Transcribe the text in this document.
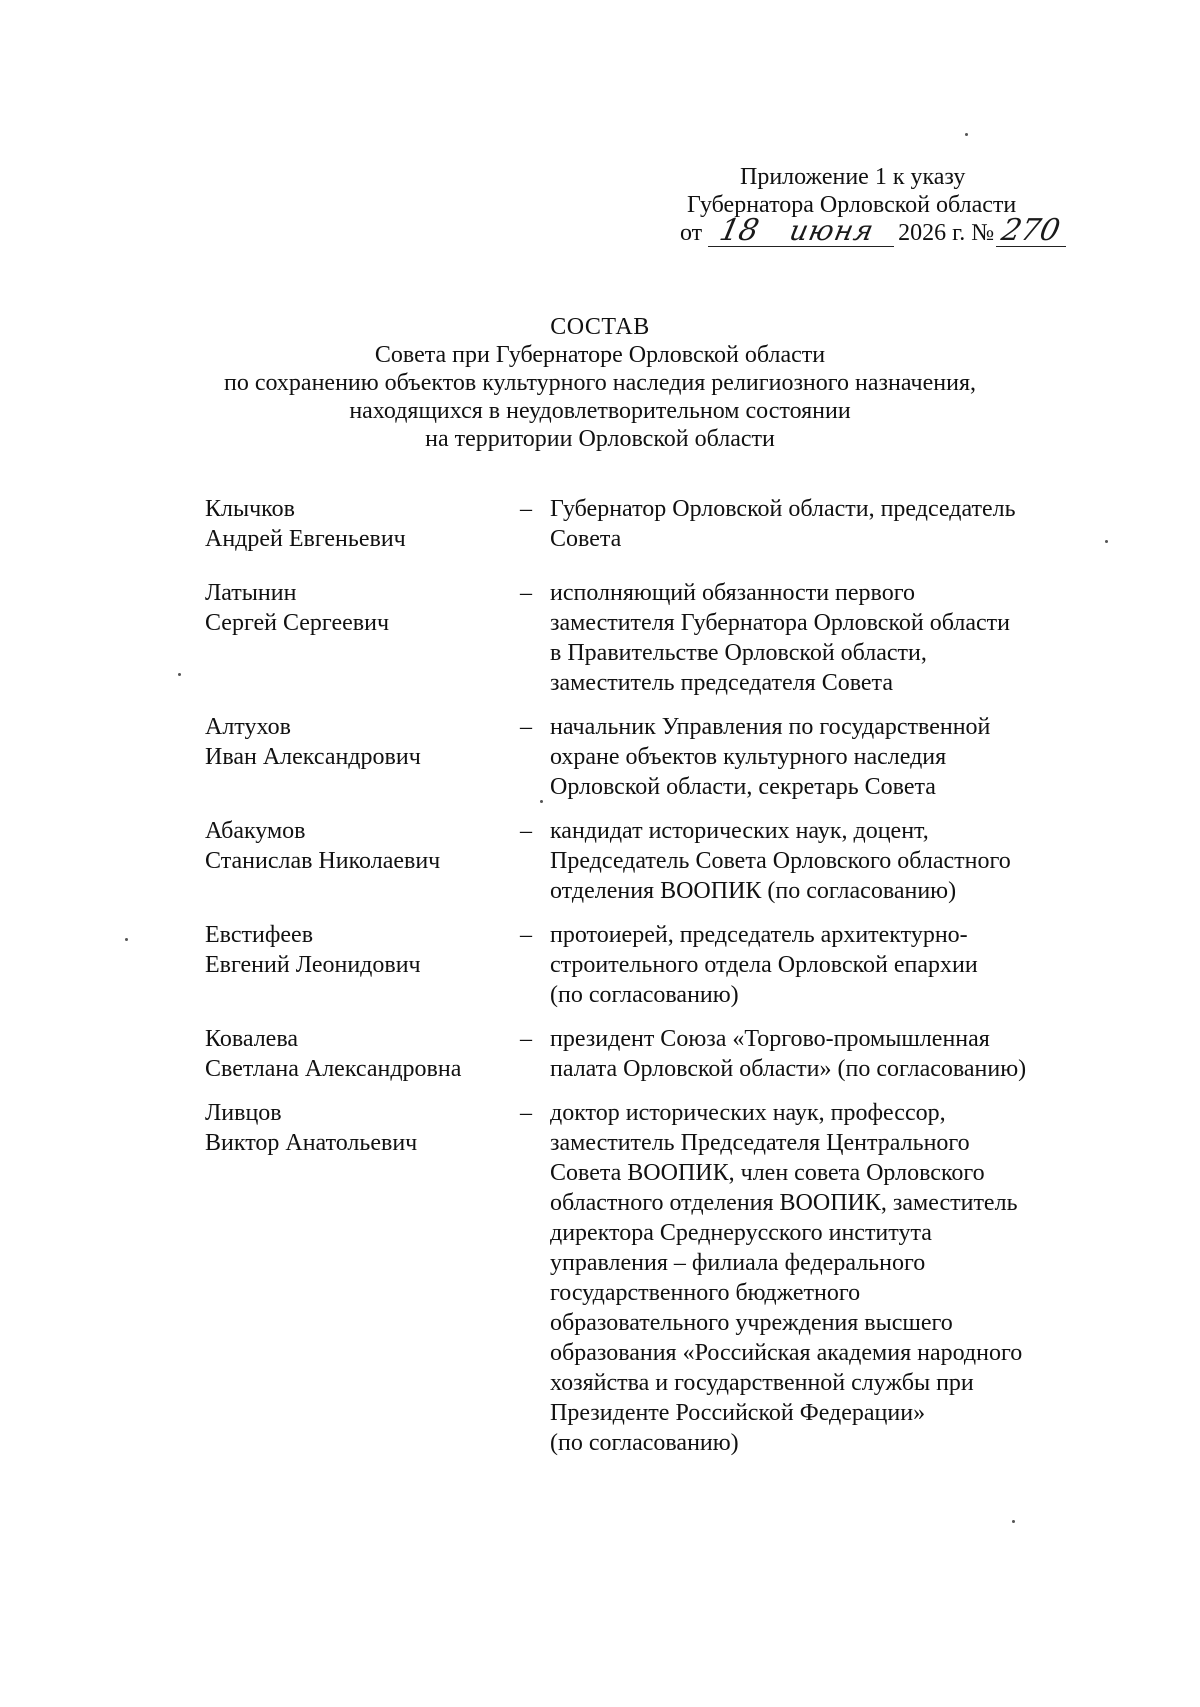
Приложение 1 к указу
Губернатора Орловской области
от 18 июня 2026 г. № 270
СОСТАВ
Совета при Губернаторе Орловской области
по сохранению объектов культурного наследия религиозного назначения,
находящихся в неудовлетворительном состоянии
на территории Орловской области
Клычков
Андрей Евгеньевич
– Губернатор Орловской области, председатель
Совета
Латынин
Сергей Сергеевич
– исполняющий обязанности первого
заместителя Губернатора Орловской области
в Правительстве Орловской области,
заместитель председателя Совета
Алтухов
Иван Александрович
– начальник Управления по государственной
охране объектов культурного наследия
Орловской области, секретарь Совета
Абакумов
Станислав Николаевич
– кандидат исторических наук, доцент,
Председатель Совета Орловского областного
отделения ВООПИК (по согласованию)
Евстифеев
Евгений Леонидович
– протоиерей, председатель архитектурно-
строительного отдела Орловской епархии
(по согласованию)
Ковалева
Светлана Александровна
– президент Союза «Торгово-промышленная
палата Орловской области» (по согласованию)
Ливцов
Виктор Анатольевич
– доктор исторических наук, профессор,
заместитель Председателя Центрального
Совета ВООПИК, член совета Орловского
областного отделения ВООПИК, заместитель
директора Среднерусского института
управления – филиала федерального
государственного бюджетного
образовательного учреждения высшего
образования «Российская академия народного
хозяйства и государственной службы при
Президенте Российской Федерации»
(по согласованию)
